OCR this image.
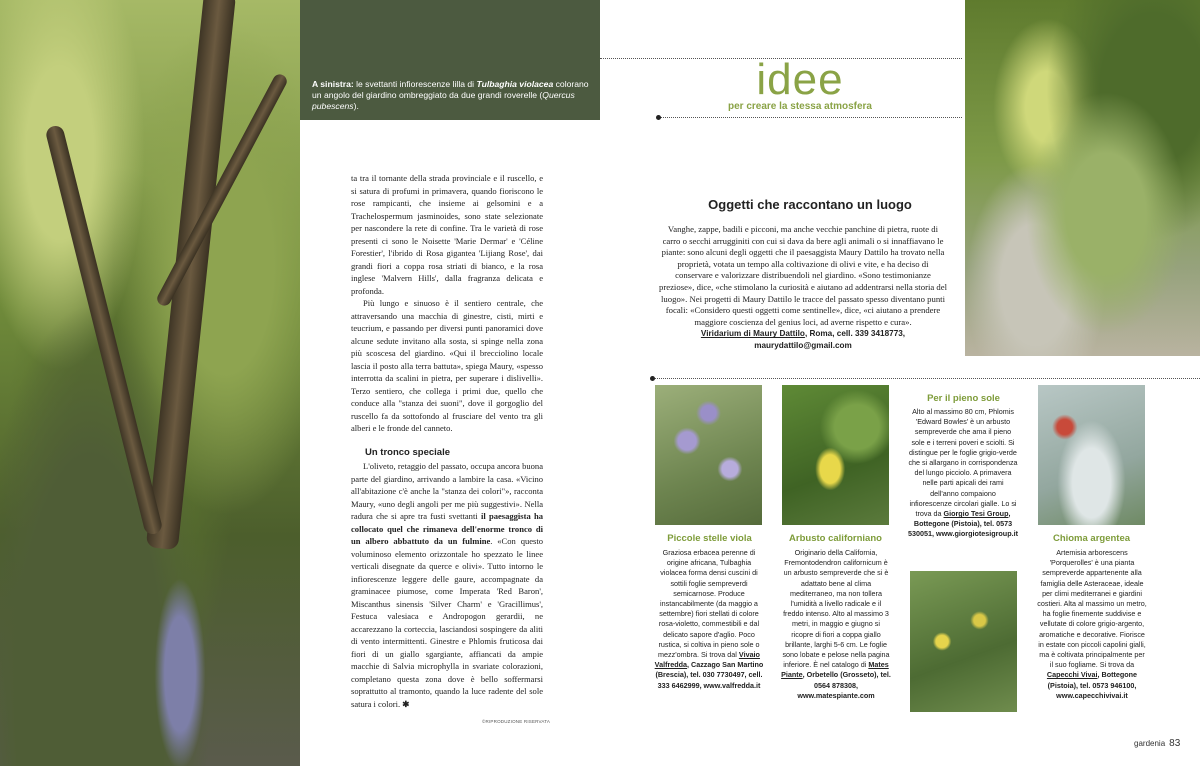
A sinistra: le svettanti infiorescenze lilla di Tulbaghia violacea colorano un angolo del giardino ombreggiato da due grandi roverelle (Quercus pubescens).
idee
per creare la stessa atmosfera

ta tra il tornante della strada provinciale e il ruscello, e si satura di profumi in primavera, quando fioriscono le rose rampicanti, che insieme ai gelsomini e a Trachelospermum jasminoides, sono state selezionate per nascondere la rete di confine. Tra le varietà di rose presenti ci sono le Noisette 'Marie Dermar' e 'Céline Forestier', l'ibrido di Rosa gigantea 'Lijiang Rose', dai grandi fiori a coppa rosa striati di bianco, e la rosa inglese 'Malvern Hills', dalla fragranza delicata e profonda.

Più lungo e sinuoso è il sentiero centrale, che attraversando una macchia di ginestre, cisti, mirti e teucrium, e passando per diversi punti panoramici dove alcune sedute invitano alla sosta, si spinge nella zona più scoscesa del giardino. «Qui il brecciolino locale lascia il posto alla terra battuta», spiega Maury, «spesso interrotta da scalini in pietra, per superare i dislivelli». Terzo sentiero, che collega i primi due, quello che conduce alla "stanza dei suoni", dove il gorgoglio del ruscello fa da sottofondo al frusciare del vento tra gli alberi e le fronde del canneto.

Un tronco speciale

L'oliveto, retaggio del passato, occupa ancora buona parte del giardino, arrivando a lambire la casa. «Vicino all'abitazione c'è anche la "stanza dei colori"», racconta Maury, «uno degli angoli per me più suggestivi». Nella radura che si apre tra fusti svettanti il paesaggista ha collocato quel che rimaneva dell'enorme tronco di un albero abbattuto da un fulmine. «Con questo voluminoso elemento orizzontale ho spezzato le linee verticali disegnate da querce e olivi». Tutto intorno le infiorescenze leggere delle gaure, accompagnate da graminacee piumose, come Imperata 'Red Baron', Miscanthus sinensis 'Silver Charm' e 'Gracillimus', Festuca valesiaca e Andropogon gerardii, ne accarezzano la corteccia, lasciandosi sospingere da aliti di vento intermittenti. Ginestre e Phlomis fruticosa dai fiori di un giallo sgargiante, affiancati da ampie macchie di Salvia microphylla in svariate colorazioni, completano questa zona dove è bello soffermarsi soprattutto al tramonto, quando la luce radente del sole satura i colori. ✱

©RIPRODUZIONE RISERVATA
Oggetti che raccontano un luogo

Vanghe, zappe, badili e picconi, ma anche vecchie panchine di pietra, ruote di carro o secchi arrugginiti con cui si dava da bere agli animali o si innaffiavano le piante: sono alcuni degli oggetti che il paesaggista Maury Dattilo ha trovato nella proprietà, votata un tempo alla coltivazione di olivi e vite, e ha deciso di conservare e valorizzare distribuendoli nel giardino. «Sono testimonianze preziose», dice, «che stimolano la curiosità e aiutano ad addentrarsi nella storia del luogo». Nei progetti di Maury Dattilo le tracce del passato spesso diventano punti focali: «Considero questi oggetti come sentinelle», dice, «ci aiutano a prendere maggiore coscienza del genius loci, ad averne rispetto e cura».

Viridarium di Maury Dattilo, Roma, cell. 339 3418773, maurydattilo@gmail.com

Piccole stelle viola
Graziosa erbacea perenne di origine africana, Tulbaghia violacea forma densi cuscini di sottili foglie sempreverdi semicarnose. Produce instancabilmente (da maggio a settembre) fiori stellati di colore rosa-violetto, commestibili e dal delicato sapore d'aglio. Poco rustica, si coltiva in pieno sole o mezz'ombra. Si trova dal Vivaio Valfredda, Cazzago San Martino (Brescia), tel. 030 7730497, cell. 333 6462999, www.valfredda.it
Arbusto californiano
Originario della California, Fremontodendron californicum è un arbusto sempreverde che si è adattato bene al clima mediterraneo, ma non tollera l'umidità a livello radicale e il freddo intenso. Alto al massimo 3 metri, in maggio e giugno si ricopre di fiori a coppa giallo brillante, larghi 5-6 cm. Le foglie sono lobate e pelose nella pagina inferiore. È nel catalogo di Mates Piante, Orbetello (Grosseto), tel. 0564 878308, www.matespiante.com
Per il pieno sole
Alto al massimo 80 cm, Phlomis 'Edward Bowles' è un arbusto sempreverde che ama il pieno sole e i terreni poveri e sciolti. Si distingue per le foglie grigio-verde che si allargano in corrispondenza del lungo picciolo. A primavera nelle parti apicali dei rami dell'anno compaiono infiorescenze circolari gialle. Lo si trova da Giorgio Tesi Group, Bottegone (Pistoia), tel. 0573 530051, www.giorgiotesigroup.it	Chioma argentea
Artemisia arborescens 'Porquerolles' è una pianta sempreverde appartenente alla famiglia delle Asteraceae, ideale per climi mediterranei e giardini costieri. Alta al massimo un metro, ha foglie finemente suddivise e vellutate di colore grigio-argento, aromatiche e decorative. Fiorisce in estate con piccoli capolini gialli, ma è coltivata principalmente per il suo fogliame. Si trova da Capecchi Vivai, Bottegone (Pistoia), tel. 0573 946100, www.capecchivivai.it
gardenia 83
